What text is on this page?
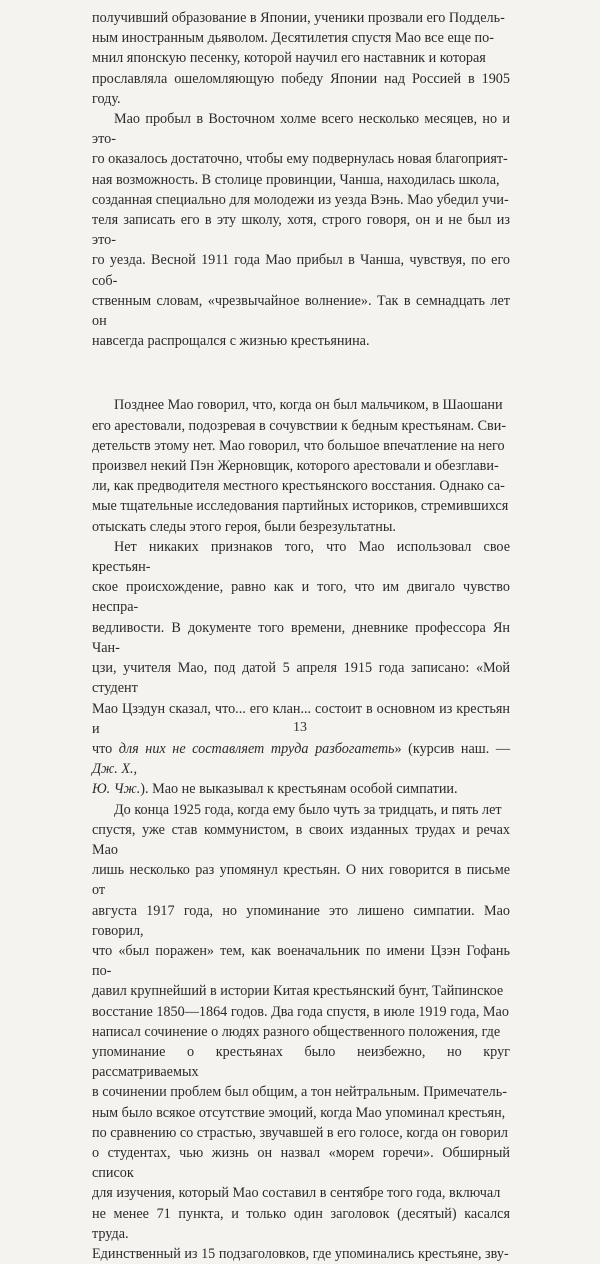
получивший образование в Японии, ученики прозвали его Поддель-
ным иностранным дьяволом. Десятилетия спустя Мао все еще по-
мнил японскую песенку, которой научил его наставник и которая
прославляла ошеломляющую победу Японии над Россией в 1905 году.

Мао пробыл в Восточном холме всего несколько месяцев, но и это-
го оказалось достаточно, чтобы ему подвернулась новая благоприят-
ная возможность. В столице провинции, Чанша, находилась школа,
созданная специально для молодежи из уезда Вэнь. Мао убедил учи-
теля записать его в эту школу, хотя, строго говоря, он и не был из это-
го уезда. Весной 1911 года Мао прибыл в Чанша, чувствуя, по его соб-
ственным словам, «чрезвычайное волнение». Так в семнадцать лет он
навсегда распрощался с жизнью крестьянина.

Позднее Мао говорил, что, когда он был мальчиком, в Шаошани
его арестовали, подозревая в сочувствии к бедным крестьянам. Сви-
детельств этому нет. Мао говорил, что большое впечатление на него
произвел некий Пэн Жерновщик, которого арестовали и обезглави-
ли, как предводителя местного крестьянского восстания. Однако са-
мые тщательные исследования партийных историков, стремившихся
отыскать следы этого героя, были безрезультатны.

Нет никаких признаков того, что Мао использовал свое крестьян-
ское происхождение, равно как и того, что им двигало чувство неспра-
ведливости. В документе того времени, дневнике профессора Ян Чан-
цзи, учителя Мао, под датой 5 апреля 1915 года записано: «Мой студент
Мао Цзэдун сказал, что... его клан... состоит в основном из крестьян и
что для них не составляет труда разбогатеть» (курсив наш. — Дж. Х.,
Ю. Чж.). Мао не выказывал к крестьянам особой симпатии.

До конца 1925 года, когда ему было чуть за тридцать, и пять лет
спустя, уже став коммунистом, в своих изданных трудах и речах Мао
лишь несколько раз упомянул крестьян. О них говорится в письме от
августа 1917 года, но упоминание это лишено симпатии. Мао говорил,
что «был поражен» тем, как военачальник по имени Цзэн Гофань по-
давил крупнейший в истории Китая крестьянский бунт, Тайпинское
восстание 1850—1864 годов. Два года спустя, в июле 1919 года, Мао
написал сочинение о людях разного общественного положения, где
упоминание о крестьянах было неизбежно, но круг рассматриваемых
в сочинении проблем был общим, а тон нейтральным. Примечатель-
ным было всякое отсутствие эмоций, когда Мао упоминал крестьян,
по сравнению со страстью, звучавшей в его голосе, когда он говорил
о студентах, чью жизнь он назвал «морем горечи». Обширный список
для изучения, который Мао составил в сентябре того года, включал
не менее 71 пункта, и только один заголовок (десятый) касался труда.
Единственный из 15 подзаголовков, где упоминались крестьяне, зву-

13
